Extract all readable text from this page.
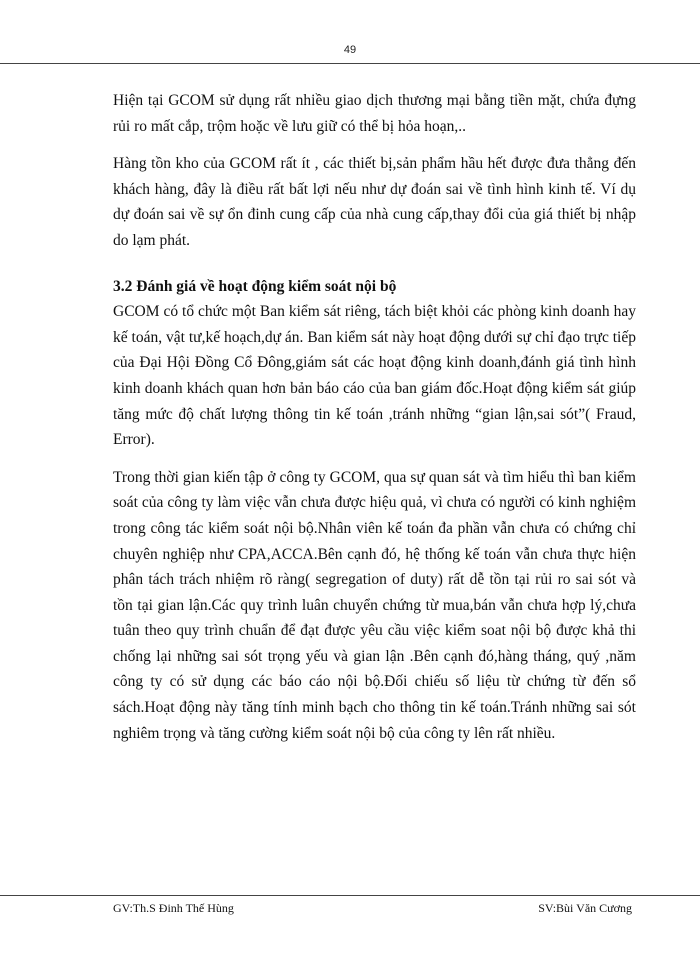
49

Hiện tại GCOM sử dụng rất nhiều giao dịch thương mại bằng tiền mặt, chứa đựng rủi ro mất cắp, trộm hoặc về lưu giữ có thể bị hỏa hoạn,..

Hàng tồn kho của GCOM rất ít , các thiết bị,sản phẩm hầu hết được đưa thẳng đến khách hàng, đây là điều rất bất lợi nếu như dự đoán sai về tình hình kinh tế. Ví dụ dự đoán sai về sự ổn đinh cung cấp của nhà cung cấp,thay đổi của giá thiết bị nhập do lạm phát.

3.2 Đánh giá về hoạt động kiểm soát nội bộ

GCOM có tổ chức một Ban kiểm sát riêng, tách biệt khỏi các phòng kinh doanh hay kế toán, vật tư,kế hoạch,dự án. Ban kiểm sát này hoạt động dưới sự chỉ đạo trực tiếp của Đại Hội Đồng Cổ Đông,giám sát các hoạt động kinh doanh,đánh giá tình hình kinh doanh khách quan hơn bản báo cáo của ban giám đốc.Hoạt động kiểm sát giúp tăng mức độ chất lượng thông tin kế toán ,tránh những “gian lận,sai sót”( Fraud, Error).

Trong thời gian kiến tập ở công ty GCOM, qua sự quan sát và tìm hiểu thì ban kiểm soát của công ty làm việc vẫn chưa được hiệu quả, vì chưa có người có kinh nghiệm trong công tác kiểm soát nội bộ.Nhân viên kế toán đa phần vẫn chưa có chứng chỉ chuyên nghiệp như CPA,ACCA.Bên cạnh đó, hệ thống kế toán vẫn chưa thực hiện phân tách trách nhiệm rõ ràng( segregation of duty) rất dễ tồn tại rủi ro sai sót và tồn tại gian lận.Các quy trình luân chuyển chứng từ mua,bán vẫn chưa hợp lý,chưa tuân theo quy trình chuẩn để đạt được yêu cầu việc kiểm soat nội bộ được khả thi chống lại những sai sót trọng yếu và gian lận .Bên cạnh đó,hàng tháng, quý ,năm công ty có sử dụng các báo cáo nội bộ.Đối chiếu số liệu từ chứng từ đến sổ sách.Hoạt động này tăng tính minh bạch cho thông tin kế toán.Tránh những sai sót nghiêm trọng và tăng cường kiểm soát nội bộ của công ty lên rất nhiều.

GV:Th.S Đinh Thế Hùng	SV:Bùi Văn Cương
